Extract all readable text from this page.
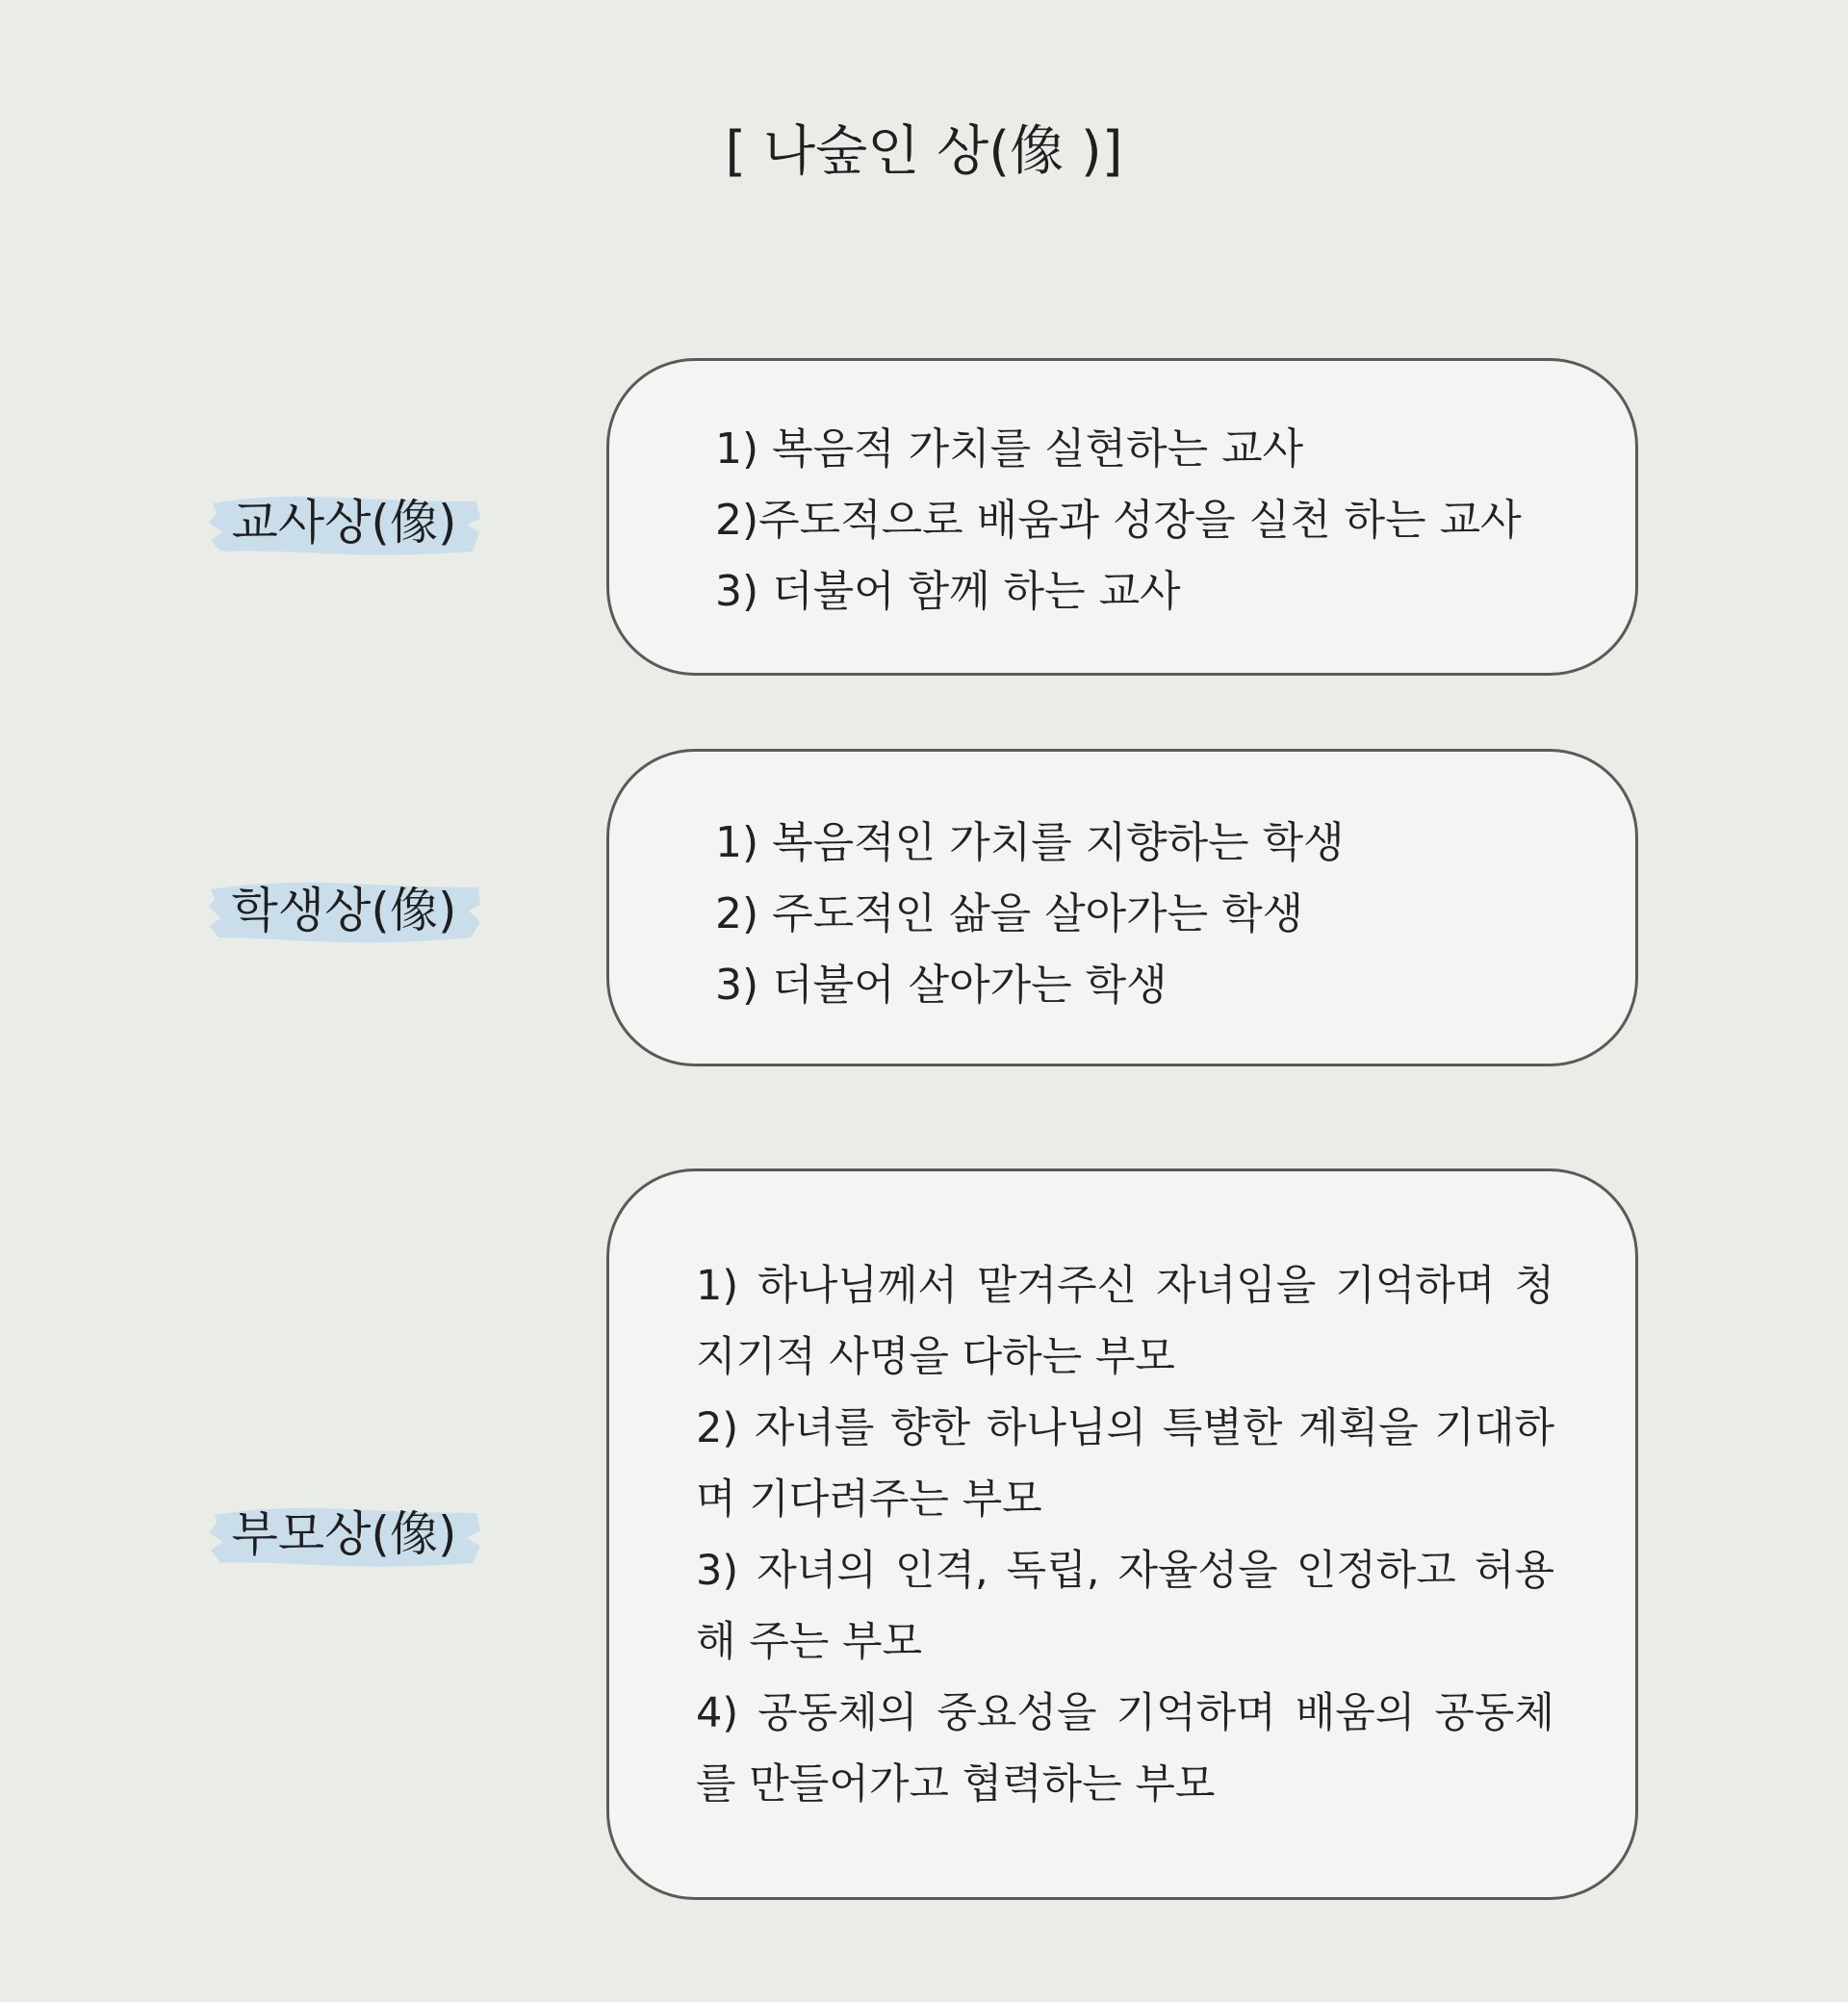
[ 나숲인 상(像 )]
교사상(像)
1) 복음적 가치를 실현하는 교사
2)주도적으로 배움과 성장을 실천 하는 교사
3) 더불어 함께 하는 교사
학생상(像)
1) 복음적인 가치를 지향하는 학생
2) 주도적인 삶을 살아가는 학생
3) 더불어 살아가는 학생
부모상(像)
1) 하나님께서 맡겨주신 자녀임을 기억하며 청지기적 사명을 다하는 부모
2) 자녀를 향한 하나님의 특별한 계획을 기대하며 기다려주는 부모
3) 자녀의 인격, 독립, 자율성을 인정하고 허용해 주는 부모
4) 공동체의 중요성을 기억하며 배움의 공동체를 만들어가고 협력하는 부모
